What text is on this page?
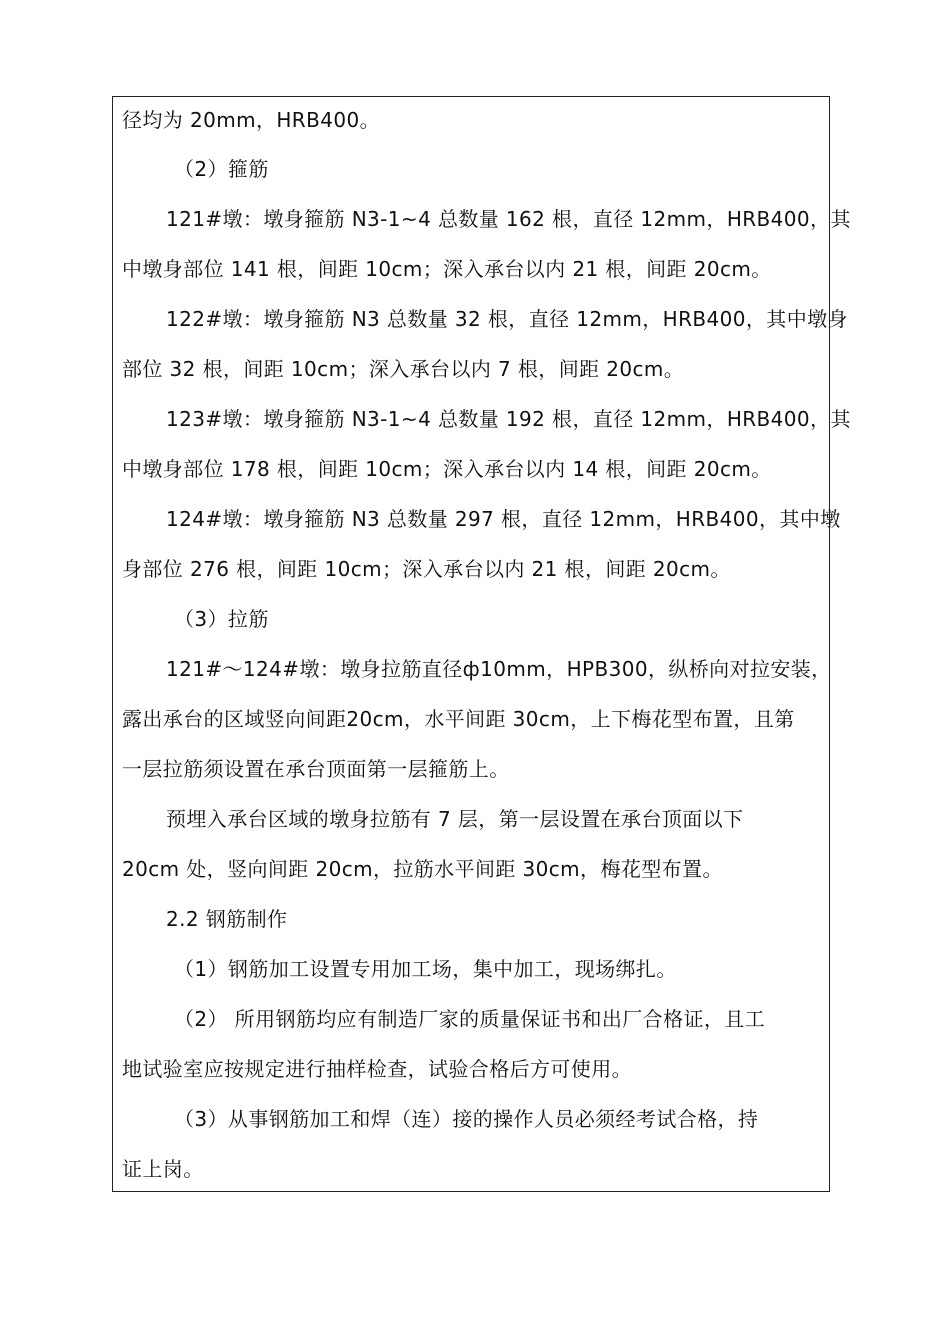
径均为 20mm，HRB400。
（2）箍筋
121#墩：墩身箍筋 N3-1~4 总数量 162 根，直径 12mm，HRB400，其
中墩身部位 141 根，间距 10cm；深入承台以内 21 根，间距 20cm。
122#墩：墩身箍筋 N3 总数量 32 根，直径 12mm，HRB400，其中墩身
部位 32 根，间距 10cm；深入承台以内 7 根，间距 20cm。
123#墩：墩身箍筋 N3-1~4 总数量 192 根，直径 12mm，HRB400，其
中墩身部位 178 根，间距 10cm；深入承台以内 14 根，间距 20cm。
124#墩：墩身箍筋 N3 总数量 297 根，直径 12mm，HRB400，其中墩
身部位 276 根，间距 10cm；深入承台以内 21 根，间距 20cm。
（3）拉筋
121#～124#墩：墩身拉筋直径ф10mm，HPB300，纵桥向对拉安装，
露出承台的区域竖向间距20cm，水平间距 30cm，上下梅花型布置，且第
一层拉筋须设置在承台顶面第一层箍筋上。
预埋入承台区域的墩身拉筋有 7 层，第一层设置在承台顶面以下
20cm 处，竖向间距 20cm，拉筋水平间距 30cm，梅花型布置。
2.2 钢筋制作
（1）钢筋加工设置专用加工场，集中加工，现场绑扎。
（2） 所用钢筋均应有制造厂家的质量保证书和出厂合格证，且工
地试验室应按规定进行抽样检查，试验合格后方可使用。
（3）从事钢筋加工和焊（连）接的操作人员必须经考试合格，持
证上岗。
